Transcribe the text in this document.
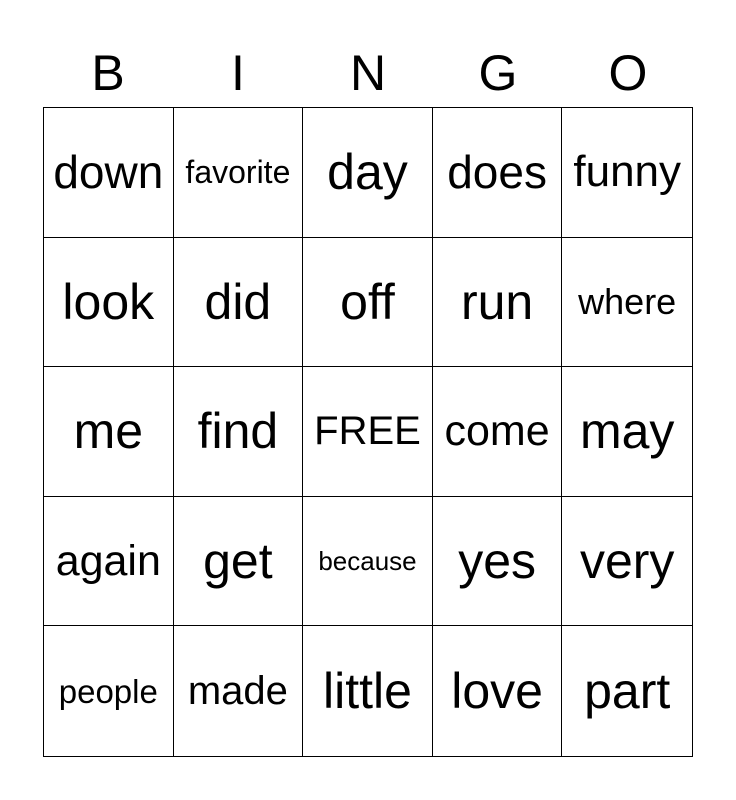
B	I	N	G	O
down favorite day does funny
look did off run where
me find FREE come may
again get because yes very
people made little love part
